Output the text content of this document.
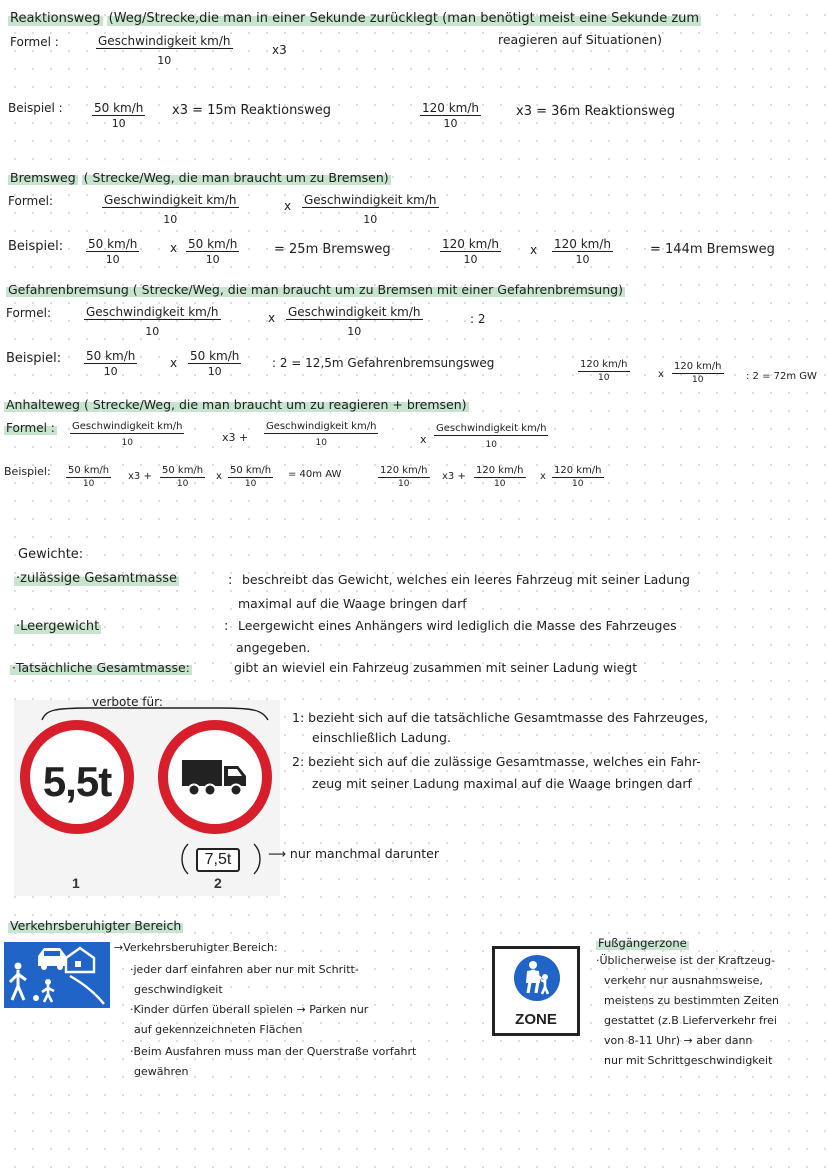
Reaktionsweg (Weg/Strecke,die man in einer Sekunde zurücklegt (man benötigt meist eine Sekunde zum
reagieren auf Situationen)
Formel :	Geschwindigkeit km/h
10
x3
Beispiel : $\frac{50 km/h}{10} x3 = 15m$ Reaktionsweg	$\frac{120 km/h}{10}$	x3 = 36m Reaktionsweg
Bremsweg ( Strecke/Weg, die man braucht um zu Bremsen)
Formel:	Geschwindigkeit km/h
10
x Geschwindigkeit km/h
10
Beispiel: $\frac{50 km/h}{10}$	x $\frac{50 km/h}{10}$	= 25m Bremsweg	$\frac{120 km/h}{10}$ x $\frac{120 km/h}{10}$	= 144m Bremsweg
Gefahrenbremsung ( Strecke/Weg, die man braucht um zu Bremsen mit einer Gefahrenbremsung)
Formel:	Geschwindigkeit km/h
10
x Geschwindigkeit km/h
10
: 2
Beispiel: $\frac{50 km/h}{10}$	x $\frac{50 km/h}{10}$	: 2 = 12,5m Gefahrenbremsungsweg	$\frac{120 km/h}{10}$	x $\frac{120 km/h}{10}$ : 2 = 72m GW
Anhalteweg ( Strecke/Weg, die man braucht um zu reagieren + bremsen)
Formel : Geschwindigkeit km/h
10	x3 +
Geschwindigkeit km/h
10	x
Geschwindigkeit km/h
10
Beispiel: $\frac{50 km/h}{10} x3 + \frac{50 km/h}{10}$ x $\frac{50 km/h}{10} = 40m$ AW	$\frac{120 km/h}{10} x3 + \frac{120 km/h}{10}$ x $\frac{120 km/h}{10}$
Gewichte:
·zulässige Gesamtmasse	: beschreibt das Gewicht, welches ein leeres Fahrzeug mit seiner Ladung
maximal auf die Waage bringen darf
·Leergewicht	: Leergewicht eines Anhängers wird lediglich die Masse des Fahrzeuges
angegeben.
·Tatsächliche Gesamtmasse:	gibt an wieviel ein Fahrzeug zusammen mit seiner Ladung wiegt
verbote für:
5,5t
1
7,5t
2
⟶ nur manchmal darunter
1: bezieht sich auf die tatsächliche Gesamtmasse des Fahrzeuges,
einschließlich Ladung.
2: bezieht sich auf die zulässige Gesamtmasse, welches ein Fahr-
zeug mit seiner Ladung maximal auf die Waage bringen darf
Verkehrsberuhigter Bereich
→Verkehrsberuhigter Bereich:
·jeder darf einfahren aber nur mit Schritt-
geschwindigkeit
·Kinder dürfen überall spielen → Parken nur
auf gekennzeichneten Flächen
·Beim Ausfahren muss man der Querstraße vorfahrt
gewähren
ZONE
Fußgängerzone
·Üblicherweise ist der Kraftzeug-
verkehr nur ausnahmsweise,
meistens zu bestimmten Zeiten
gestattet (z.B Lieferverkehr frei
von 8-11 Uhr) → aber dann
nur mit Schrittgeschwindigkeit
